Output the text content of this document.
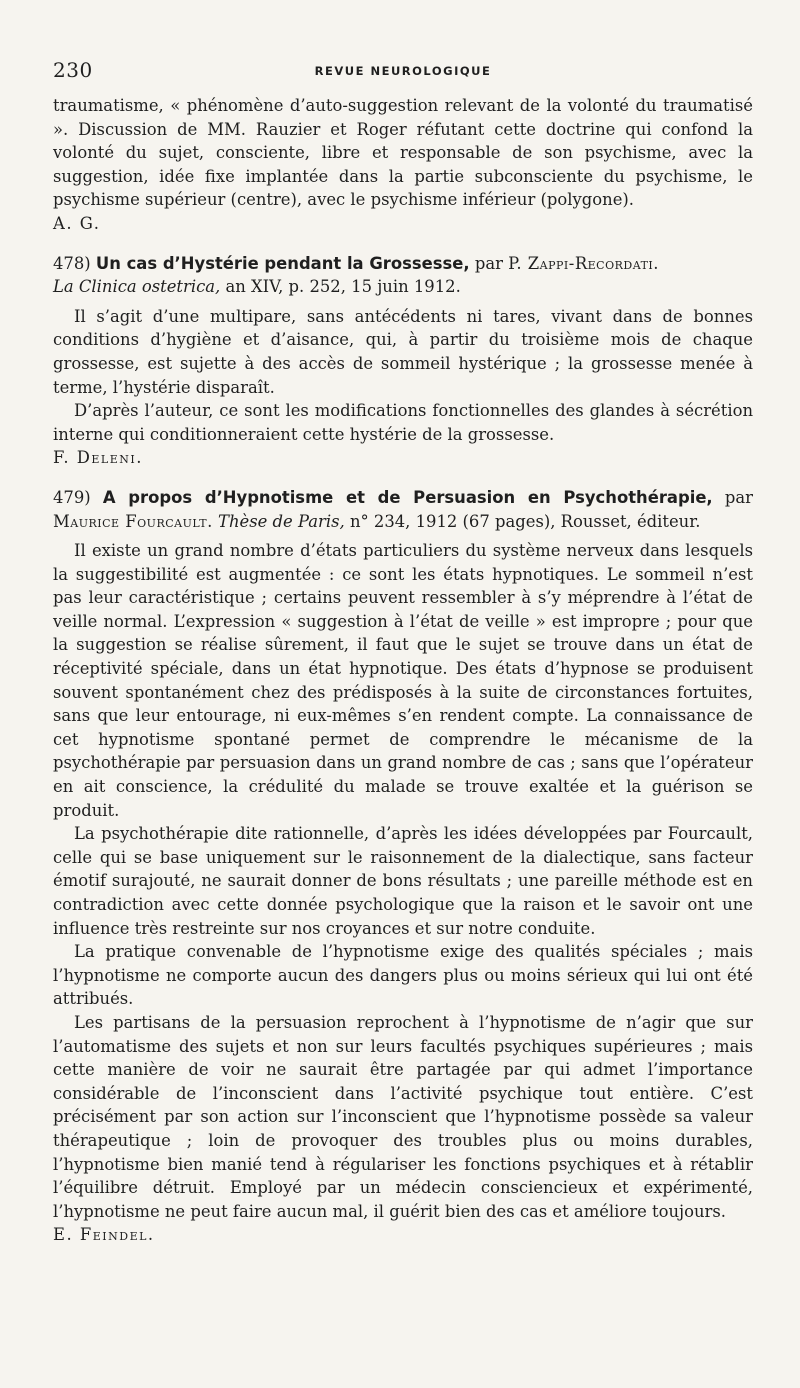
230	REVUE NEUROLOGIQUE

traumatisme, « phénomène d’auto-suggestion relevant de la volonté du traumatisé ». Discussion de MM. Rauzier et Roger réfutant cette doctrine qui confond la volonté du sujet, consciente, libre et responsable de son psychisme, avec la suggestion, idée fixe implantée dans la partie subconsciente du psychisme, le psychisme supérieur (centre), avec le psychisme inférieur (polygone).

A. G.

478) Un cas d’Hystérie pendant la Grossesse, par P. Zappi-Recordati.

La Clinica ostetrica, an XIV, p. 252, 15 juin 1912.

Il s’agit d’une multipare, sans antécédents ni tares, vivant dans de bonnes conditions d’hygiène et d’aisance, qui, à partir du troisième mois de chaque grossesse, est sujette à des accès de sommeil hystérique ; la grossesse menée à terme, l’hystérie disparaît.

D’après l’auteur, ce sont les modifications fonctionnelles des glandes à sécrétion interne qui conditionneraient cette hystérie de la grossesse.

F. Deleni.

479) A propos d’Hypnotisme et de Persuasion en Psychothérapie, par Maurice Fourcault. Thèse de Paris, n° 234, 1912 (67 pages), Rousset, éditeur.

Il existe un grand nombre d’états particuliers du système nerveux dans lesquels la suggestibilité est augmentée : ce sont les états hypnotiques. Le sommeil n’est pas leur caractéristique ; certains peuvent ressembler à s’y méprendre à l’état de veille normal. L’expression « suggestion à l’état de veille » est impropre ; pour que la suggestion se réalise sûrement, il faut que le sujet se trouve dans un état de réceptivité spéciale, dans un état hypnotique. Des états d’hypnose se produisent souvent spontanément chez des prédisposés à la suite de circonstances fortuites, sans que leur entourage, ni eux-mêmes s’en rendent compte. La connaissance de cet hypnotisme spontané permet de comprendre le mécanisme de la psychothérapie par persuasion dans un grand nombre de cas ; sans que l’opérateur en ait conscience, la crédulité du malade se trouve exaltée et la guérison se produit.

La psychothérapie dite rationnelle, d’après les idées développées par Fourcault, celle qui se base uniquement sur le raisonnement de la dialectique, sans facteur émotif surajouté, ne saurait donner de bons résultats ; une pareille méthode est en contradiction avec cette donnée psychologique que la raison et le savoir ont une influence très restreinte sur nos croyances et sur notre conduite.

La pratique convenable de l’hypnotisme exige des qualités spéciales ; mais l’hypnotisme ne comporte aucun des dangers plus ou moins sérieux qui lui ont été attribués.

Les partisans de la persuasion reprochent à l’hypnotisme de n’agir que sur l’automatisme des sujets et non sur leurs facultés psychiques supérieures ; mais cette manière de voir ne saurait être partagée par qui admet l’importance considérable de l’inconscient dans l’activité psychique tout entière. C’est précisément par son action sur l’inconscient que l’hypnotisme possède sa valeur thérapeutique ; loin de provoquer des troubles plus ou moins durables, l’hypnotisme bien manié tend à régulariser les fonctions psychiques et à rétablir l’équilibre détruit. Employé par un médecin consciencieux et expérimenté, l’hypnotisme ne peut faire aucun mal, il guérit bien des cas et améliore toujours.

E. Feindel.
